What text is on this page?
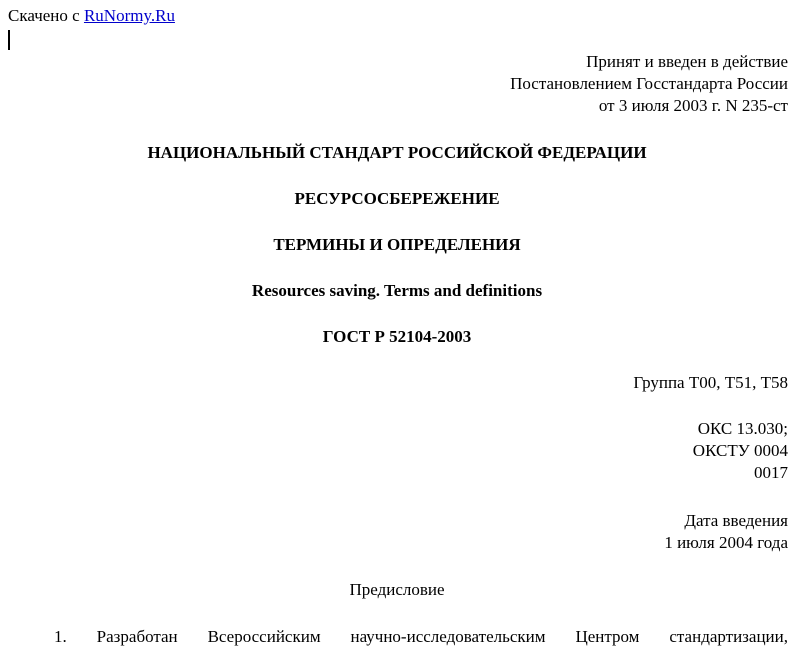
Скачено с RuNormy.Ru
Принят и введен в действие
Постановлением Госстандарта России
от 3 июля 2003 г. N 235-ст
НАЦИОНАЛЬНЫЙ СТАНДАРТ РОССИЙСКОЙ ФЕДЕРАЦИИ
РЕСУРСОСБЕРЕЖЕНИЕ
ТЕРМИНЫ И ОПРЕДЕЛЕНИЯ
Resources saving. Terms and definitions
ГОСТ Р 52104-2003
Группа Т00, Т51, Т58
ОКС 13.030;
ОКСТУ 0004
0017
Дата введения
1 июля 2004 года
Предисловие
1. Разработан Всероссийским научно-исследовательским Центром стандартизации,
